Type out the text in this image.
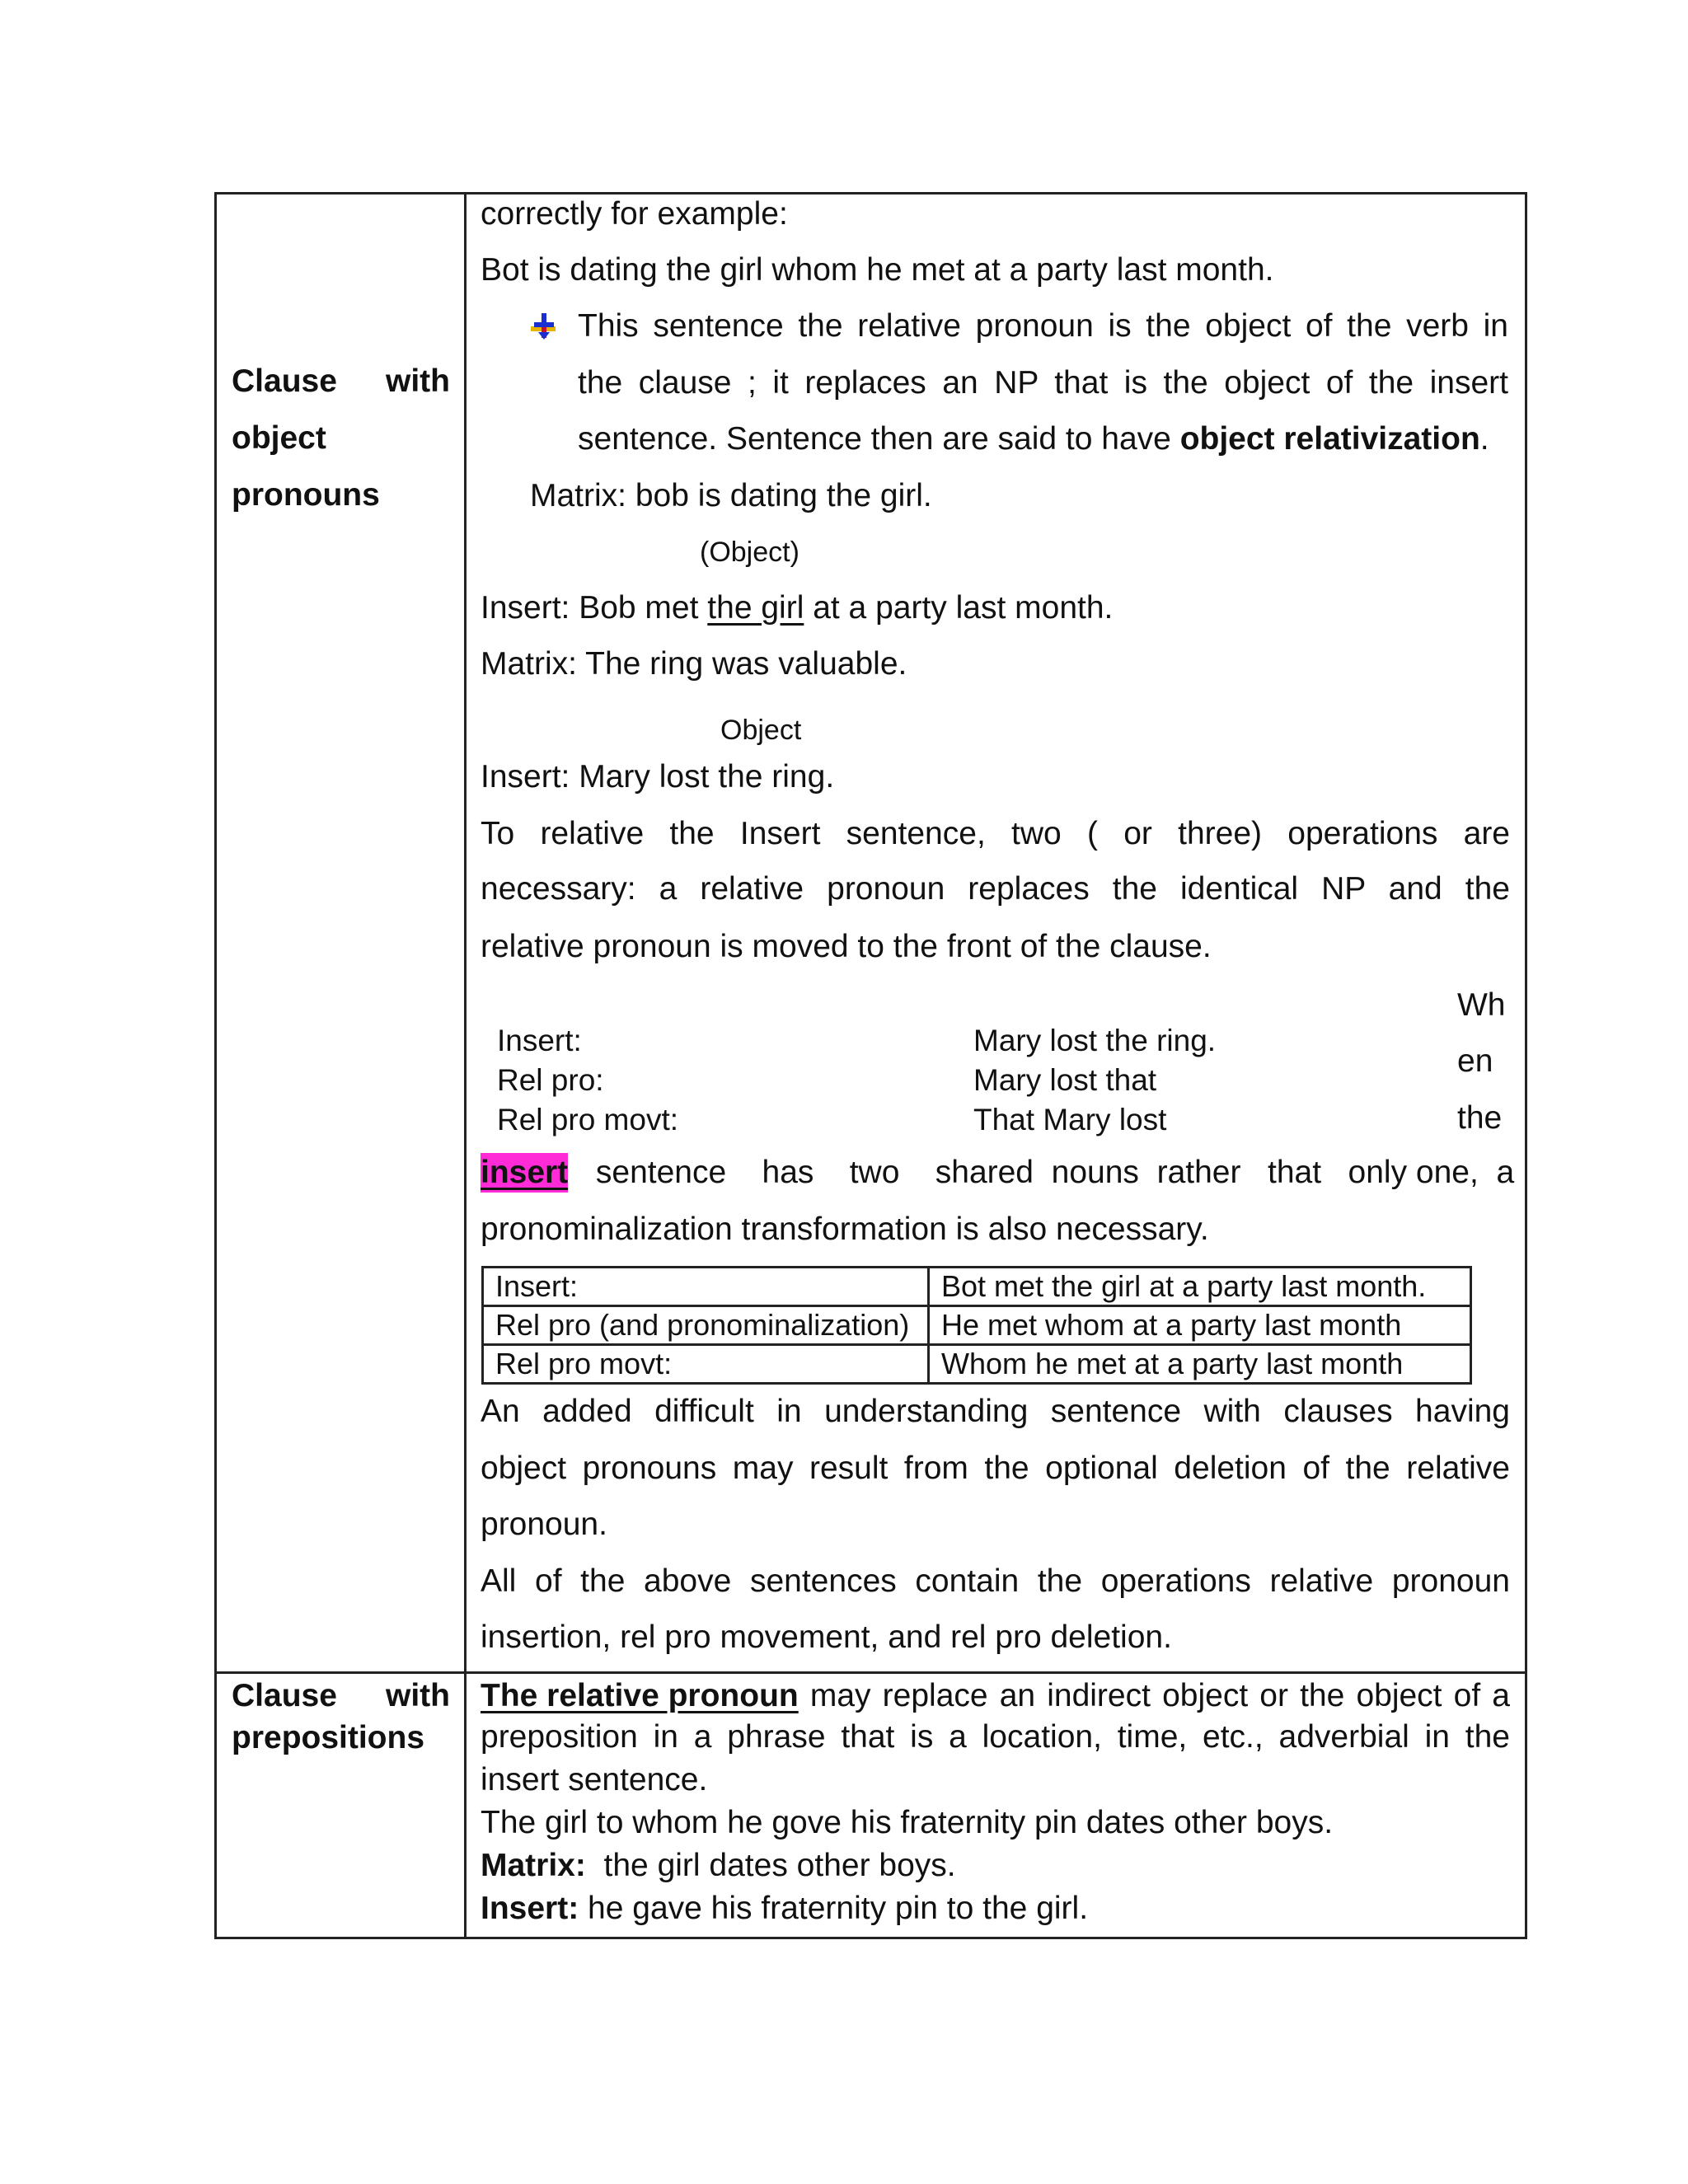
Clause with
object
pronouns
correctly for example:
Bot is dating the girl whom he met at a party last month.
This sentence the relative pronoun is the object of the verb in
the clause ; it replaces an NP that is the object of the insert
sentence. Sentence then are said to have object relativization.
Matrix: bob is dating the girl.
(Object)
Insert: Bob met the girl at a party last month.
Matrix: The ring was valuable.
Object
Insert: Mary lost the ring.
To relative the Insert sentence, two ( or three) operations are
necessary: a relative pronoun replaces the identical NP and the
relative pronoun is moved to the front of the clause.
Insert:	Mary lost the ring.
Rel pro:	Mary lost that
Rel pro movt:	That Mary lost
Wh
en
the
insert sentence    has    two    shared  nouns  rather   that   only one,  a
pronominalization transformation is also necessary.
Insert:	Bot met the girl at a party last month.
Rel pro (and pronominalization)	He met whom at a party last month
Rel pro movt:	Whom he met at a party last month
An added difficult in understanding sentence with clauses having
object pronouns may result from the optional deletion of the relative
pronoun.
All of the above sentences contain the operations relative pronoun
insertion, rel pro movement, and rel pro deletion.
Clause with
prepositions
The relative pronoun may replace an indirect object or the object of a
preposition in a phrase that is a location, time, etc., adverbial in the
insert sentence.
The girl to whom he gove his fraternity pin dates other boys.
Matrix:  the girl dates other boys.
Insert: he gave his fraternity pin to the girl.
